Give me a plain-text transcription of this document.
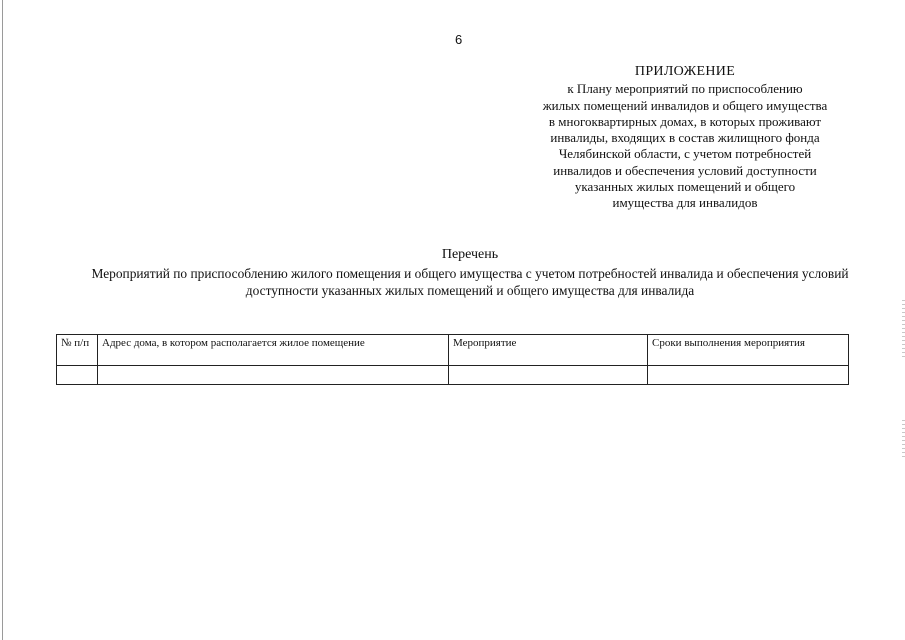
6
ПРИЛОЖЕНИЕ
к Плану мероприятий по приспособлению
жилых помещений инвалидов и общего имущества
в многоквартирных домах, в которых проживают
инвалиды, входящих в состав жилищного фонда
Челябинской области, с учетом потребностей
инвалидов и обеспечения условий доступности
указанных жилых помещений и общего
имущества для инвалидов
Перечень
Мероприятий по приспособлению жилого помещения и общего имущества с учетом потребностей инвалида и обеспечения условий доступности указанных жилых помещений и общего имущества для инвалида
№ п/п	Адрес дома, в котором располагается жилое помещение	Мероприятие	Сроки выполнения мероприятия
